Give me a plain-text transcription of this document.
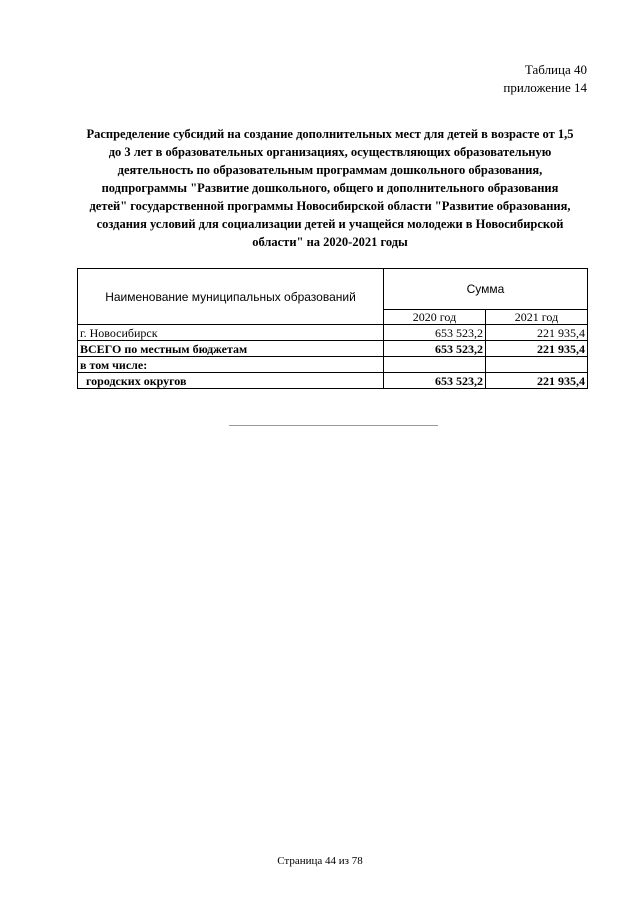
Таблица 40
приложение 14
Распределение субсидий на создание дополнительных мест для детей в возрасте от 1,5
до 3 лет в образовательных организациях, осуществляющих образовательную
деятельность по образовательным программам дошкольного образования,
подпрограммы "Развитие дошкольного, общего и дополнительного образования
детей" государственной программы Новосибирской области "Развитие образования,
создания условий для социализации детей и учащейся молодежи в Новосибирской
области" на 2020-2021 годы
Наименование муниципальных образований	Сумма	
	2020 год	2021 год
г. Новосибирск	653 523,2	221 935,4
ВСЕГО по местным бюджетам	653 523,2	221 935,4
в том числе:		
городских округов	653 523,2	221 935,4
Страница 44 из 78
